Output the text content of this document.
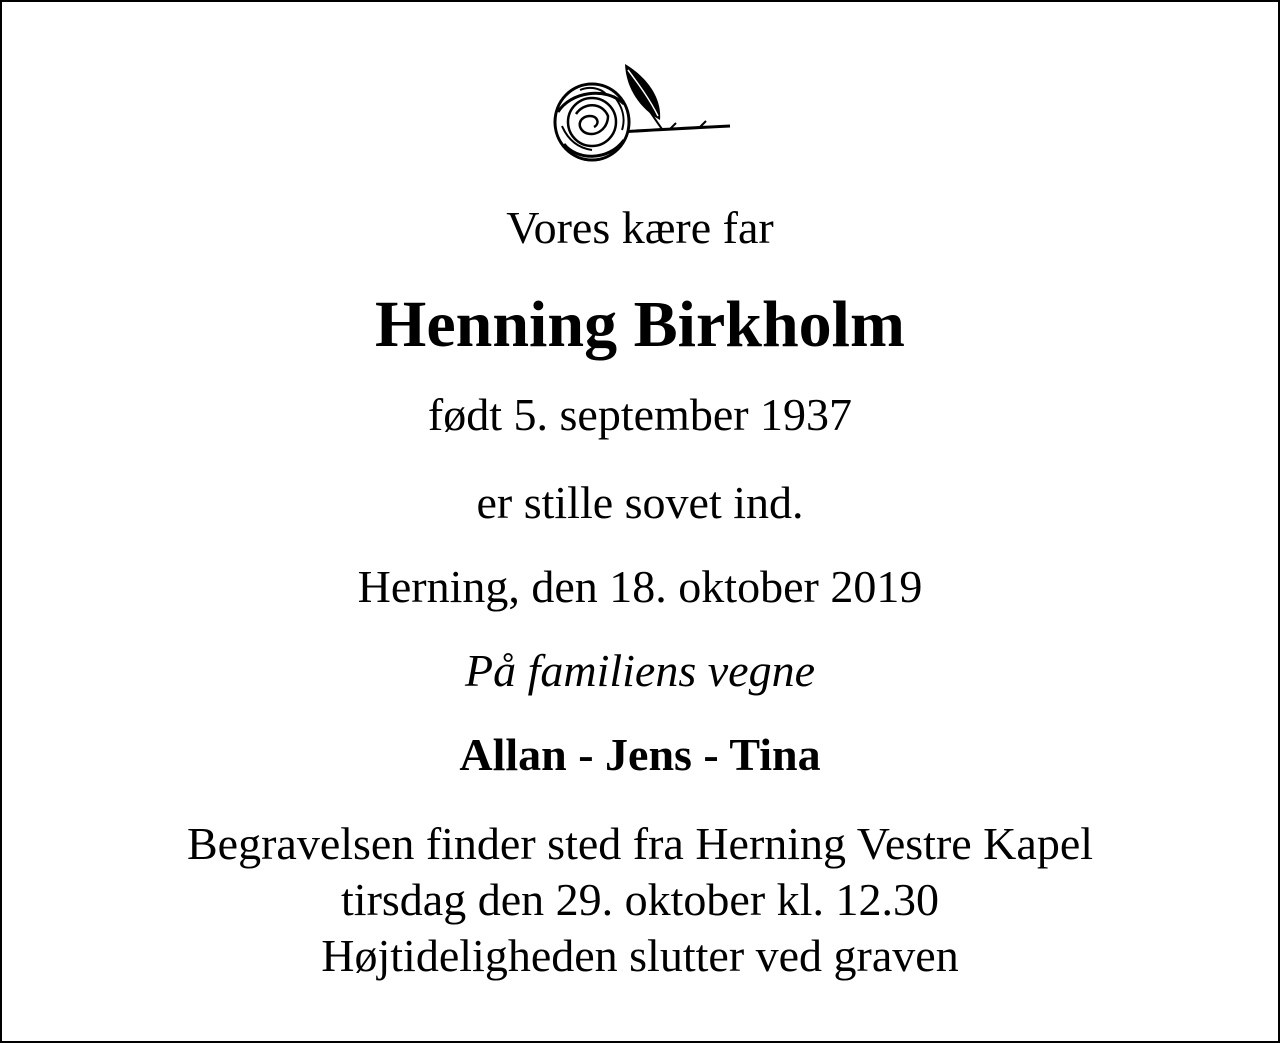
Vores kære far
Henning Birkholm
født 5. september 1937
er stille sovet ind.
Herning, den 18. oktober 2019
På familiens vegne
Allan - Jens - Tina
Begravelsen finder sted fra Herning Vestre Kapel
tirsdag den 29. oktober kl. 12.30
Højtideligheden slutter ved graven
